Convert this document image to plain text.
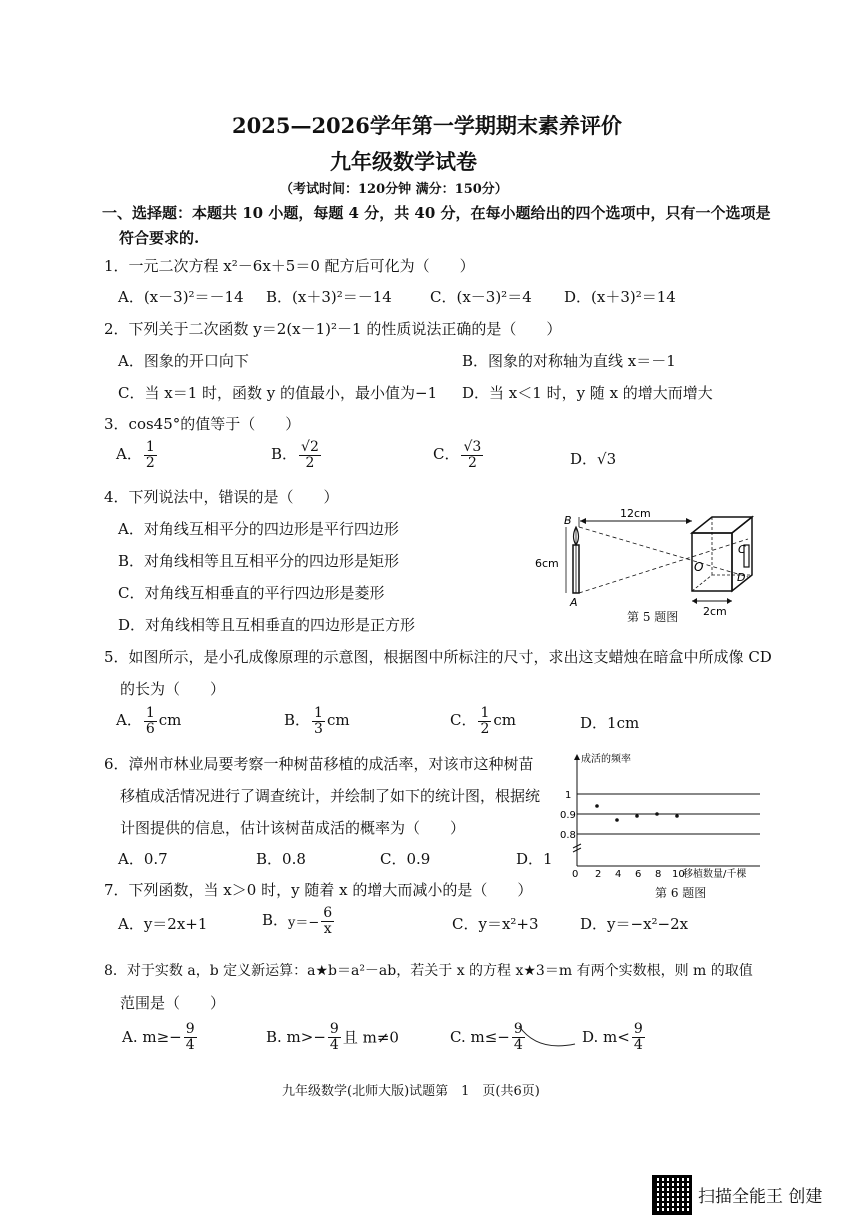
2025—2026学年第一学期期末素养评价
九年级数学试卷
（考试时间：120分钟 满分：150分）
一、选择题：本题共 10 小题，每题 4 分，共 40 分，在每小题给出的四个选项中，只有一个选项是
符合要求的.
1．一元二次方程 x²－6x＋5＝0 配方后可化为（　　）
A．(x－3)²＝－14 B．(x＋3)²＝－14	C．(x－3)²＝4 D．(x＋3)²＝14
2．下列关于二次函数 y＝2(x－1)²－1 的性质说法正确的是（　　）
A．图象的开口向下	B．图象的对称轴为直线 x＝－1
C．当 x＝1 时，函数 y 的值最小，最小值为−1 D．当 x＜1 时，y 随 x 的增大而增大
3．cos45°的值等于（　　）
A． $\frac{1}{2}$	B． $\frac{√2}{2}$	C． $\frac{√3}{2}$	D．√3
4．下列说法中，错误的是（　　）
A．对角线互相平分的四边形是平行四边形
B．对角线相等且互相平分的四边形是矩形
C．对角线互相垂直的平行四边形是菱形
D．对角线相等且互相垂直的四边形是正方形
B
A
12cm
6cm	O
C
D
2cm
第 5 题图
5．如图所示，是小孔成像原理的示意图，根据图中所标注的尺寸，求出这支蜡烛在暗盒中所成像 CD
的长为（　　）
A． $\frac{1}{6}$ cm	B． $\frac{1}{3}$ cm	C． $\frac{1}{2}$ cm	D．1cm
6．漳州市林业局要考察一种树苗移植的成活率，对该市这种树苗
移植成活情况进行了调查统计，并绘制了如下的统计图，根据统
计图提供的信息，估计该树苗成活的概率为（　　）
A．0.7	B．0.8	C．0.9	D．1
成活的频率
移植数量/千棵
1
0.9
0.8
0 2 4 6 8 10
第 6 题图
7．下列函数，当 x＞0 时，y 随着 x 的增大而减小的是（　　）
A．y＝2x+1	B．$y=- \frac{6}{x}$	C．y＝x²+3	D．y＝−x²−2x
8．对于实数 a，b 定义新运算：a★b＝a²－ab，若关于 x 的方程 x★3＝m 有两个实数根，则 m 的取值
范围是（　　）
A. $m\ge- \frac{9}{4}$	B. $m>- \frac{9}{4}$ 且 m≠0	C. $m\le- \frac{9}{4}$	D. $m< \frac{9}{4}$
九年级数学(北师大版)试题第　1　页(共6页)
扫描全能王 创建
